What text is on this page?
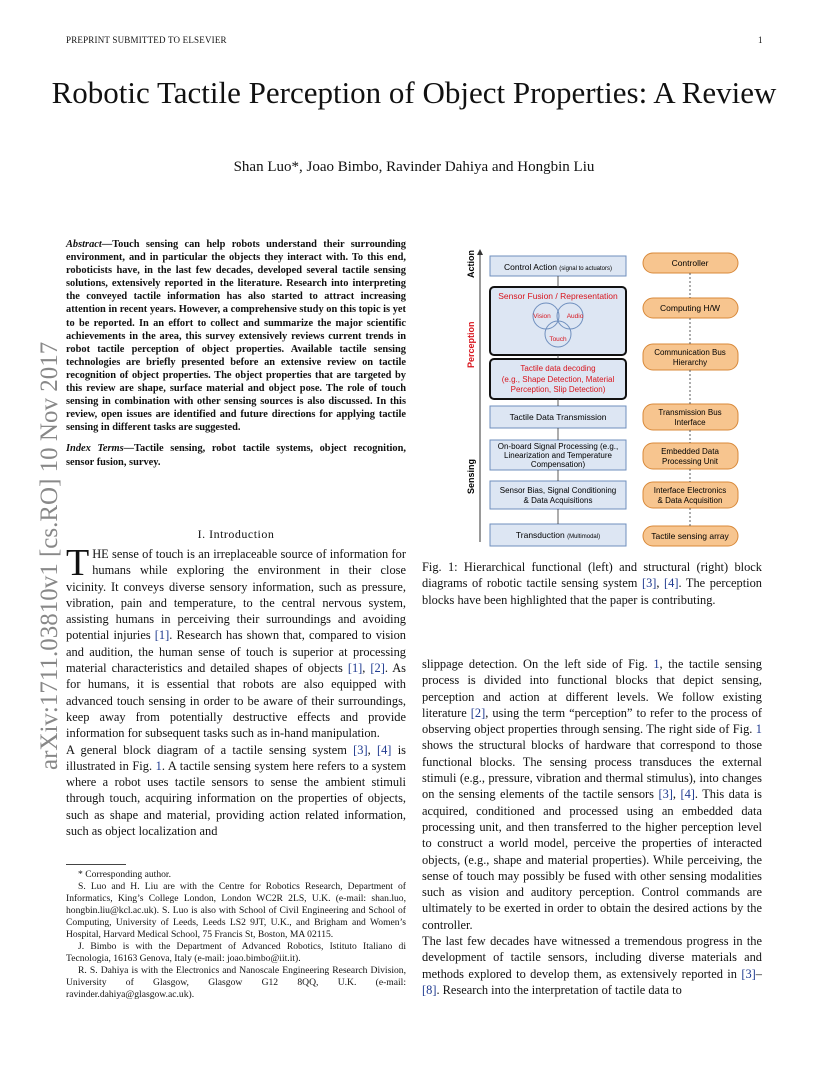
PREPRINT SUBMITTED TO ELSEVIER	1
Robotic Tactile Perception of Object Properties: A Review
Shan Luo*, Joao Bimbo, Ravinder Dahiya and Hongbin Liu
arXiv:1711.03810v1 [cs.RO] 10 Nov 2017
Abstract—Touch sensing can help robots understand their surrounding environment, and in particular the objects they interact with. To this end, roboticists have, in the last few decades, developed several tactile sensing solutions, extensively reported in the literature. Research into interpreting the conveyed tactile information has also started to attract increasing attention in recent years. However, a comprehensive study on this topic is yet to be reported. In an effort to collect and summarize the major scientific achievements in the area, this survey extensively reviews current trends in robot tactile perception of object properties. Available tactile sensing technologies are briefly presented before an extensive review on tactile recognition of object properties. The object properties that are targeted by this review are shape, surface material and object pose. The role of touch sensing in combination with other sensing sources is also discussed. In this review, open issues are identified and future directions for applying tactile sensing in different tasks are suggested.
Index Terms—Tactile sensing, robot tactile systems, object recognition, sensor fusion, survey.
I. Introduction
THE sense of touch is an irreplaceable source of information for humans while exploring the environment in their close vicinity. It conveys diverse sensory information, such as pressure, vibration, pain and temperature, to the central nervous system, assisting humans in perceiving their surroundings and avoiding potential injuries [1]. Research has shown that, compared to vision and audition, the human sense of touch is superior at processing material characteristics and detailed shapes of objects [1], [2]. As for humans, it is essential that robots are also equipped with advanced touch sensing in order to be aware of their surroundings, keep away from potentially destructive effects and provide information for subsequent tasks such as in-hand manipulation.
A general block diagram of a tactile sensing system [3], [4] is illustrated in Fig. 1. A tactile sensing system here refers to a system where a robot uses tactile sensors to sense the ambient stimuli through touch, acquiring information on the properties of objects, such as shape and material, providing action related information, such as object localization and

* Corresponding author.

S. Luo and H. Liu are with the Centre for Robotics Research, Department of Informatics, King’s College London, London WC2R 2LS, U.K. (e-mail: shan.luo, hongbin.liu@kcl.ac.uk). S. Luo is also with School of Civil Engineering and School of Computing, University of Leeds, Leeds LS2 9JT, U.K., and Brigham and Women’s Hospital, Harvard Medical School, 75 Francis St, Boston, MA 02115.

J. Bimbo is with the Department of Advanced Robotics, Istituto Italiano di Tecnologia, 16163 Genova, Italy (e-mail: joao.bimbo@iit.it).

R. S. Dahiya is with the Electronics and Nanoscale Engineering Research Division, University of Glasgow, Glasgow G12 8QQ, U.K. (e-mail: ravinder.dahiya@glasgow.ac.uk).

Action
Perception
Sensing
Control Action (signal to actuators)
Sensor Fusion / Representation
Vision Audio
Touch
Tactile data decoding
(e.g., Shape Detection, Material
Perception, Slip Detection)
Tactile Data Transmission
On-board Signal Processing (e.g.,
Linearization and Temperature
Compensation)
Sensor Bias, Signal Conditioning
& Data Acquisitions
Transduction (Multimodal)
Controller
Computing H/W
Communication Bus
Hierarchy
Transmission Bus
Interface
Embedded Data
Processing Unit
Interface Electronics
& Data Acquisition
Tactile sensing array
Fig. 1: Hierarchical functional (left) and structural (right) block diagrams of robotic tactile sensing system [3], [4]. The perception blocks have been highlighted that the paper is contributing.
slippage detection. On the left side of Fig. 1, the tactile sensing process is divided into functional blocks that depict sensing, perception and action at different levels. We follow existing literature [2], using the term “perception” to refer to the process of observing object properties through sensing. The right side of Fig. 1 shows the structural blocks of hardware that correspond to those functional blocks. The sensing process transduces the external stimuli (e.g., pressure, vibration and thermal stimulus), into changes on the sensing elements of the tactile sensors [3], [4]. This data is acquired, conditioned and processed using an embedded data processing unit, and then transferred to the higher perception level to construct a world model, perceive the properties of interacted objects, (e.g., shape and material properties). While perceiving, the sense of touch may possibly be fused with other sensing modalities such as vision and auditory perception. Control commands are ultimately to be exerted in order to obtain the desired actions by the controller.
The last few decades have witnessed a tremendous progress in the development of tactile sensors, including diverse materials and methods explored to develop them, as extensively reported in [3]–[8]. Research into the interpretation of tactile data to
